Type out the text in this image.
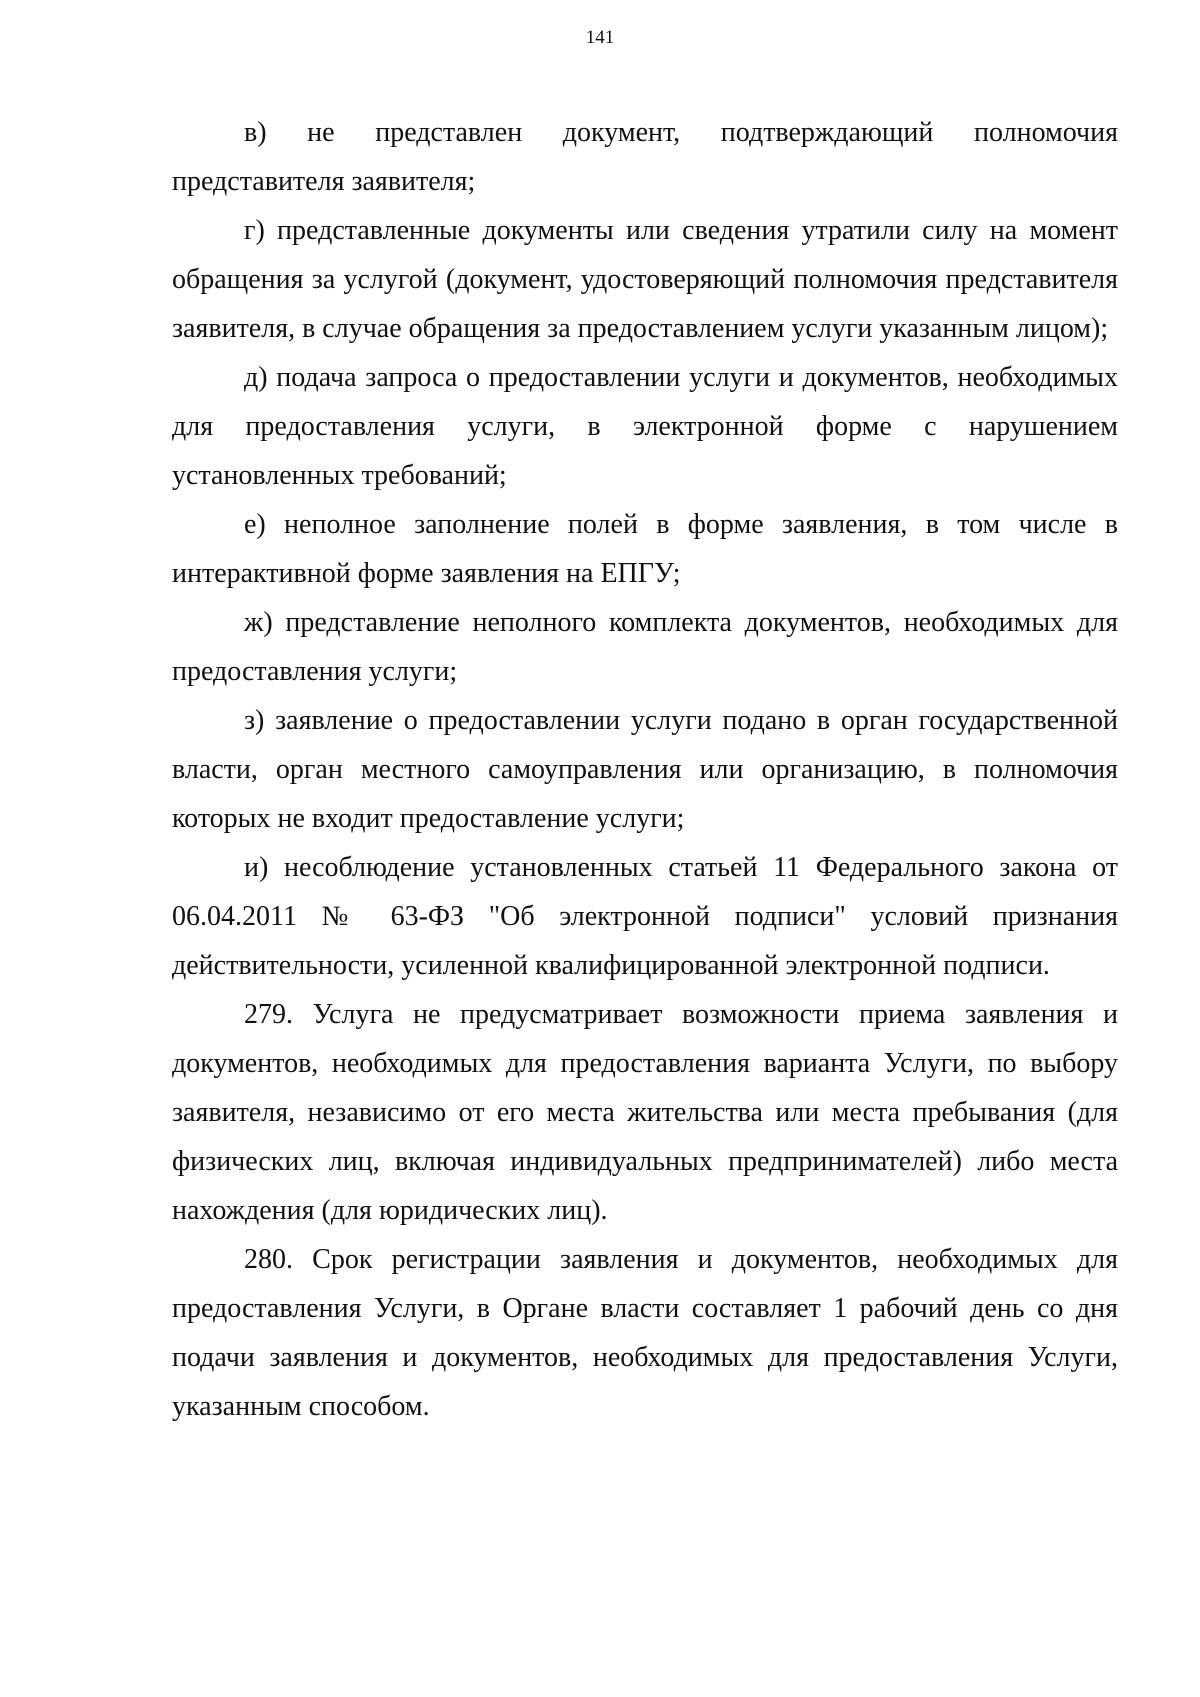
141

в) не представлен документ, подтверждающий полномочия представителя заявителя;

г) представленные документы или сведения утратили силу на момент обращения за услугой (документ, удостоверяющий полномочия представителя заявителя, в случае обращения за предоставлением услуги указанным лицом);

д) подача запроса о предоставлении услуги и документов, необходимых для предоставления услуги, в электронной форме с нарушением установленных требований;

е) неполное заполнение полей в форме заявления, в том числе в интерактивной форме заявления на ЕПГУ;

ж) представление неполного комплекта документов, необходимых для предоставления услуги;

з) заявление о предоставлении услуги подано в орган государственной власти, орган местного самоуправления или организацию, в полномочия которых не входит предоставление услуги;

и) несоблюдение установленных статьей 11 Федерального закона от 06.04.2011 № 63-ФЗ "Об электронной подписи" условий признания действительности, усиленной квалифицированной электронной подписи.

279. Услуга не предусматривает возможности приема заявления и документов, необходимых для предоставления варианта Услуги, по выбору заявителя, независимо от его места жительства или места пребывания (для физических лиц, включая индивидуальных предпринимателей) либо места нахождения (для юридических лиц).

280. Срок регистрации заявления и документов, необходимых для предоставления Услуги, в Органе власти составляет 1 рабочий день со дня подачи заявления и документов, необходимых для предоставления Услуги, указанным способом.
